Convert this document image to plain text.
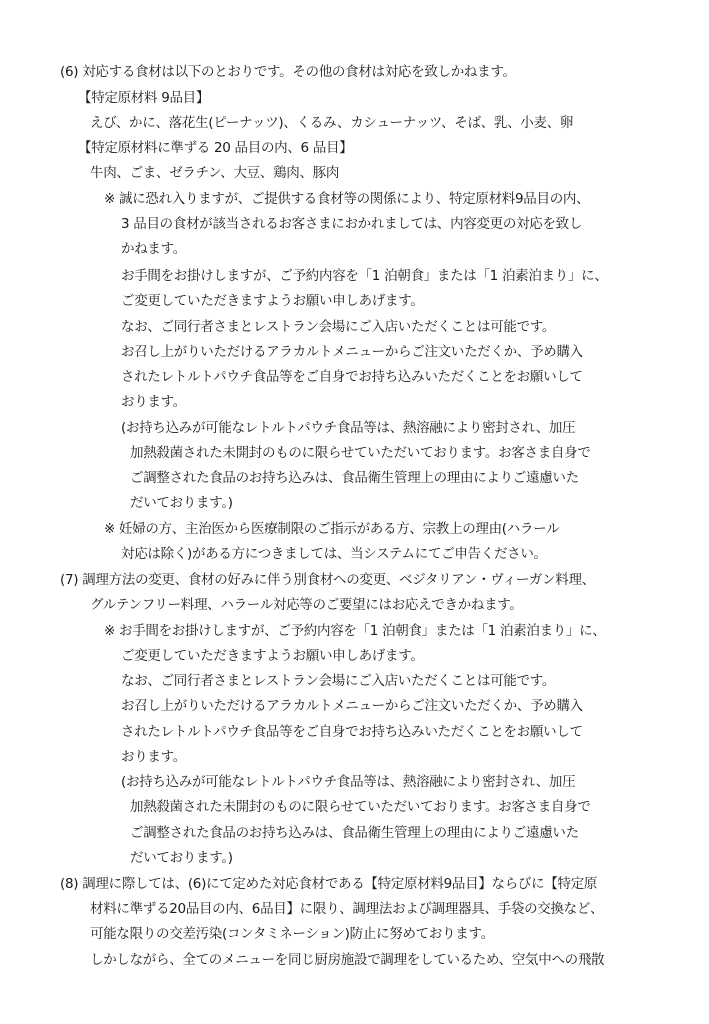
(6) 対応する食材は以下のとおりです。その他の食材は対応を致しかねます。
【特定原材料 9品目】
えび、かに、落花生(ピーナッツ)、くるみ、カシューナッツ、そば、乳、小麦、卵
【特定原材料に準ずる 20 品目の内、6 品目】
牛肉、ごま、ゼラチン、大豆、鶏肉、豚肉
※ 誠に恐れ入りますが、ご提供する食材等の関係により、特定原材料9品目の内、
3 品目の食材が該当されるお客さまにおかれましては、内容変更の対応を致し
かねます。
お手間をお掛けしますが、ご予約内容を「1 泊朝食」または「1 泊素泊まり」に、
ご変更していただきますようお願い申しあげます。
なお、ご同行者さまとレストラン会場にご入店いただくことは可能です。
お召し上がりいただけるアラカルトメニューからご注文いただくか、予め購入
されたレトルトパウチ食品等をご自身でお持ち込みいただくことをお願いして
おります。
(お持ち込みが可能なレトルトパウチ食品等は、熱溶融により密封され、加圧
加熱殺菌された未開封のものに限らせていただいております。お客さま自身で
ご調整された食品のお持ち込みは、食品衛生管理上の理由によりご遠慮いた
だいております。)
※ 妊婦の方、主治医から医療制限のご指示がある方、宗教上の理由(ハラール
対応は除く)がある方につきましては、当システムにてご申告ください。
(7) 調理方法の変更、食材の好みに伴う別食材への変更、ベジタリアン・ヴィーガン料理、
グルテンフリー料理、ハラール対応等のご要望にはお応えできかねます。
※ お手間をお掛けしますが、ご予約内容を「1 泊朝食」または「1 泊素泊まり」に、
ご変更していただきますようお願い申しあげます。
なお、ご同行者さまとレストラン会場にご入店いただくことは可能です。
お召し上がりいただけるアラカルトメニューからご注文いただくか、予め購入
されたレトルトパウチ食品等をご自身でお持ち込みいただくことをお願いして
おります。
(お持ち込みが可能なレトルトパウチ食品等は、熱溶融により密封され、加圧
加熱殺菌された未開封のものに限らせていただいております。お客さま自身で
ご調整された食品のお持ち込みは、食品衛生管理上の理由によりご遠慮いた
だいております。)
(8) 調理に際しては、(6)にて定めた対応食材である【特定原材料9品目】ならびに【特定原
材料に準ずる20品目の内、6品目】に限り、調理法および調理器具、手袋の交換など、
可能な限りの交差汚染(コンタミネーション)防止に努めております。
しかしながら、全てのメニューを同じ厨房施設で調理をしているため、空気中への飛散
